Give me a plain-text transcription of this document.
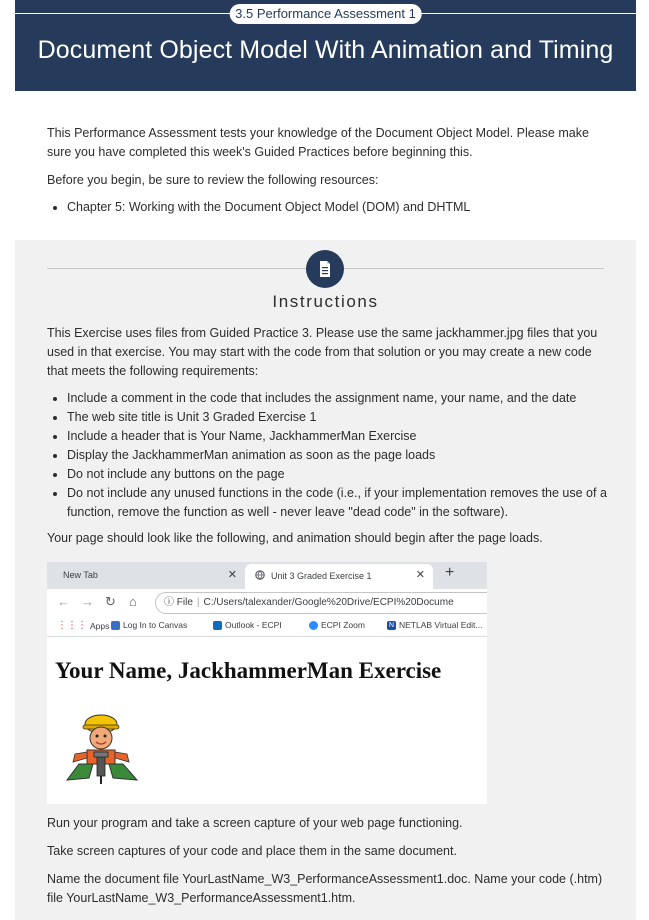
3.5 Performance Assessment 1
Document Object Model With Animation and Timing

This Performance Assessment tests your knowledge of the Document Object Model. Please make sure you have completed this week's Guided Practices before beginning this.

Before you begin, be sure to review the following resources:

• Chapter 5: Working with the Document Object Model (DOM) and DHTML
Instructions

This Exercise uses files from Guided Practice 3. Please use the same jackhammer.jpg files that you used in that exercise. You may start with the code from that solution or you may create a new code that meets the following requirements:

• Include a comment in the code that includes the assignment name, your name, and the date
• The web site title is Unit 3 Graded Exercise 1
• Include a header that is Your Name, JackhammerMan Exercise
• Display the JackhammerMan animation as soon as the page loads
• Do not include any buttons on the page
• Do not include any unused functions in the code (i.e., if your implementation removes the use of a function, remove the function as well - never leave "dead code" in the software).

Your page should look like the following, and animation should begin after the page loads.

New Tab	✕	Unit 3 Graded Exercise 1	✕ +
← → ↻ ⌂	ⓘ File | C:/Users/talexander/Google%20Drive/ECPI%20Docume
⋮⋮⋮ Apps Log In to Canvas	Outlook - ECPI	ECPI Zoom	N NETLAB Virtual Edit...
Your Name, JackhammerMan Exercise

Run your program and take a screen capture of your web page functioning.

Take screen captures of your code and place them in the same document.

Name the document file YourLastName_W3_PerformanceAssessment1.doc. Name your code (.htm) file YourLastName_W3_PerformanceAssessment1.htm.
